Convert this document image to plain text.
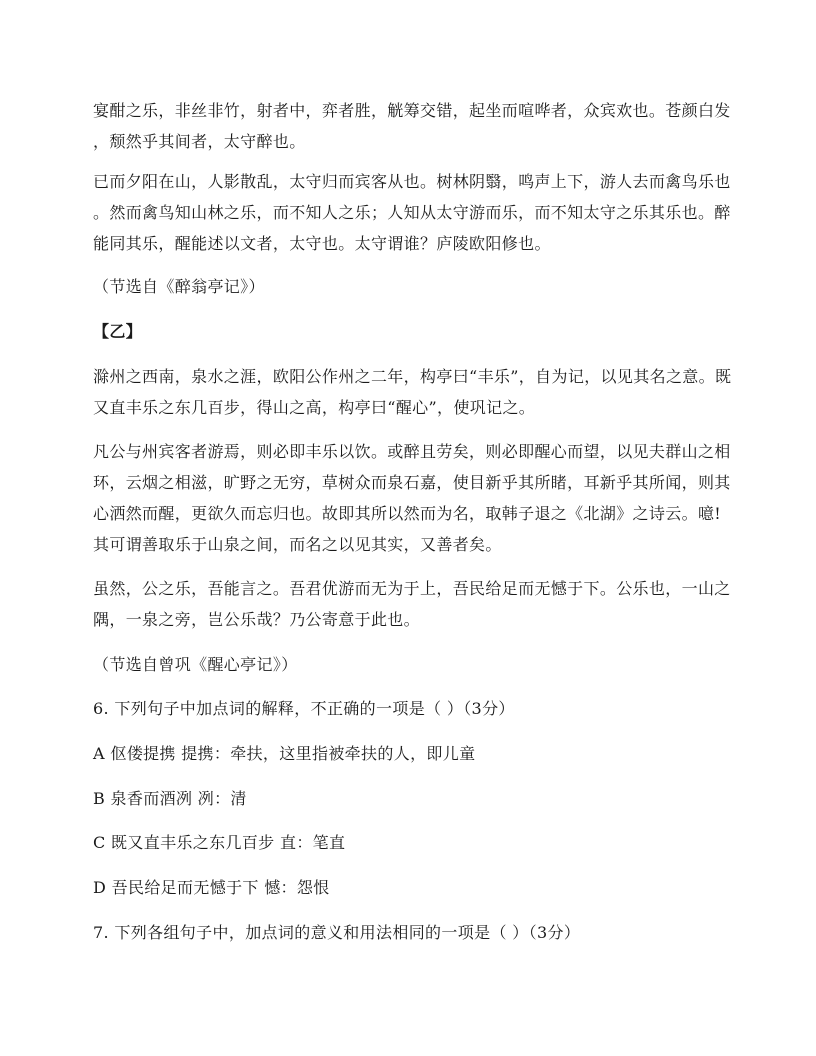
宴酣之乐，非丝非竹，射者中，弈者胜，觥筹交错，起坐而喧哗者，众宾欢也。苍颜白发
，颓然乎其间者，太守醉也。
已而夕阳在山，人影散乱，太守归而宾客从也。树林阴翳，鸣声上下，游人去而禽鸟乐也
。然而禽鸟知山林之乐，而不知人之乐；人知从太守游而乐，而不知太守之乐其乐也。醉
能同其乐，醒能述以文者，太守也。太守谓谁？庐陵欧阳修也。
（节选自《醉翁亭记》）
【乙】
滁州之西南，泉水之涯，欧阳公作州之二年，构亭曰“丰乐”，自为记，以见其名之意。既
又直丰乐之东几百步，得山之高，构亭曰“醒心”，使巩记之。
凡公与州宾客者游焉，则必即丰乐以饮。或醉且劳矣，则必即醒心而望，以见夫群山之相
环，云烟之相滋，旷野之无穷，草树众而泉石嘉，使目新乎其所睹，耳新乎其所闻，则其
心洒然而醒，更欲久而忘归也。故即其所以然而为名，取韩子退之《北湖》之诗云。噫!
其可谓善取乐于山泉之间，而名之以见其实，又善者矣。
虽然，公之乐，吾能言之。吾君优游而无为于上，吾民给足而无憾于下。公乐也，一山之
隅，一泉之旁，岂公乐哉？乃公寄意于此也。
（节选自曾巩《醒心亭记》）
6. 下列句子中加点词的解释，不正确的一项是（ ）（3分）
A 伛偻提携 提携：牵扶，这里指被牵扶的人，即儿童
B 泉香而酒冽 冽：清
C 既又直丰乐之东几百步 直：笔直
D 吾民给足而无憾于下 憾：怨恨
7. 下列各组句子中，加点词的意义和用法相同的一项是（ ）（3分）
